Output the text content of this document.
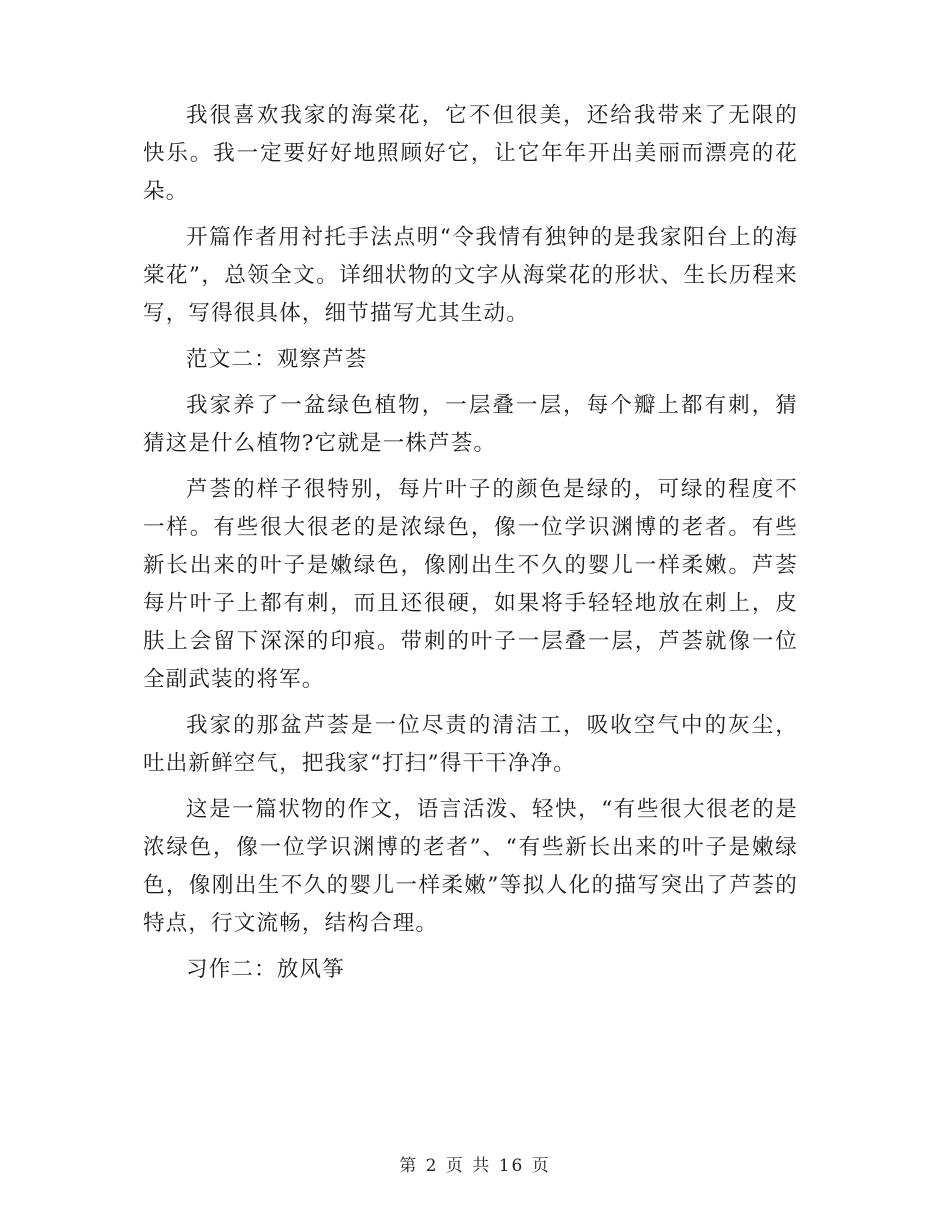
我很喜欢我家的海棠花，它不但很美，还给我带来了无限的快乐。我一定要好好地照顾好它，让它年年开出美丽而漂亮的花朵。

开篇作者用衬托手法点明“令我情有独钟的是我家阳台上的海棠花”，总领全文。详细状物的文字从海棠花的形状、生长历程来写，写得很具体，细节描写尤其生动。

范文二：观察芦荟

我家养了一盆绿色植物，一层叠一层，每个瓣上都有刺，猜猜这是什么植物?它就是一株芦荟。

芦荟的样子很特别，每片叶子的颜色是绿的，可绿的程度不一样。有些很大很老的是浓绿色，像一位学识渊博的老者。有些新长出来的叶子是嫩绿色，像刚出生不久的婴儿一样柔嫩。芦荟每片叶子上都有刺，而且还很硬，如果将手轻轻地放在刺上，皮肤上会留下深深的印痕。带刺的叶子一层叠一层，芦荟就像一位全副武装的将军。

我家的那盆芦荟是一位尽责的清洁工，吸收空气中的灰尘，吐出新鲜空气，把我家“打扫”得干干净净。

这是一篇状物的作文，语言活泼、轻快，“有些很大很老的是浓绿色，像一位学识渊博的老者”、“有些新长出来的叶子是嫩绿色，像刚出生不久的婴儿一样柔嫩”等拟人化的描写突出了芦荟的特点，行文流畅，结构合理。

习作二：放风筝

第 2 页 共 16 页
